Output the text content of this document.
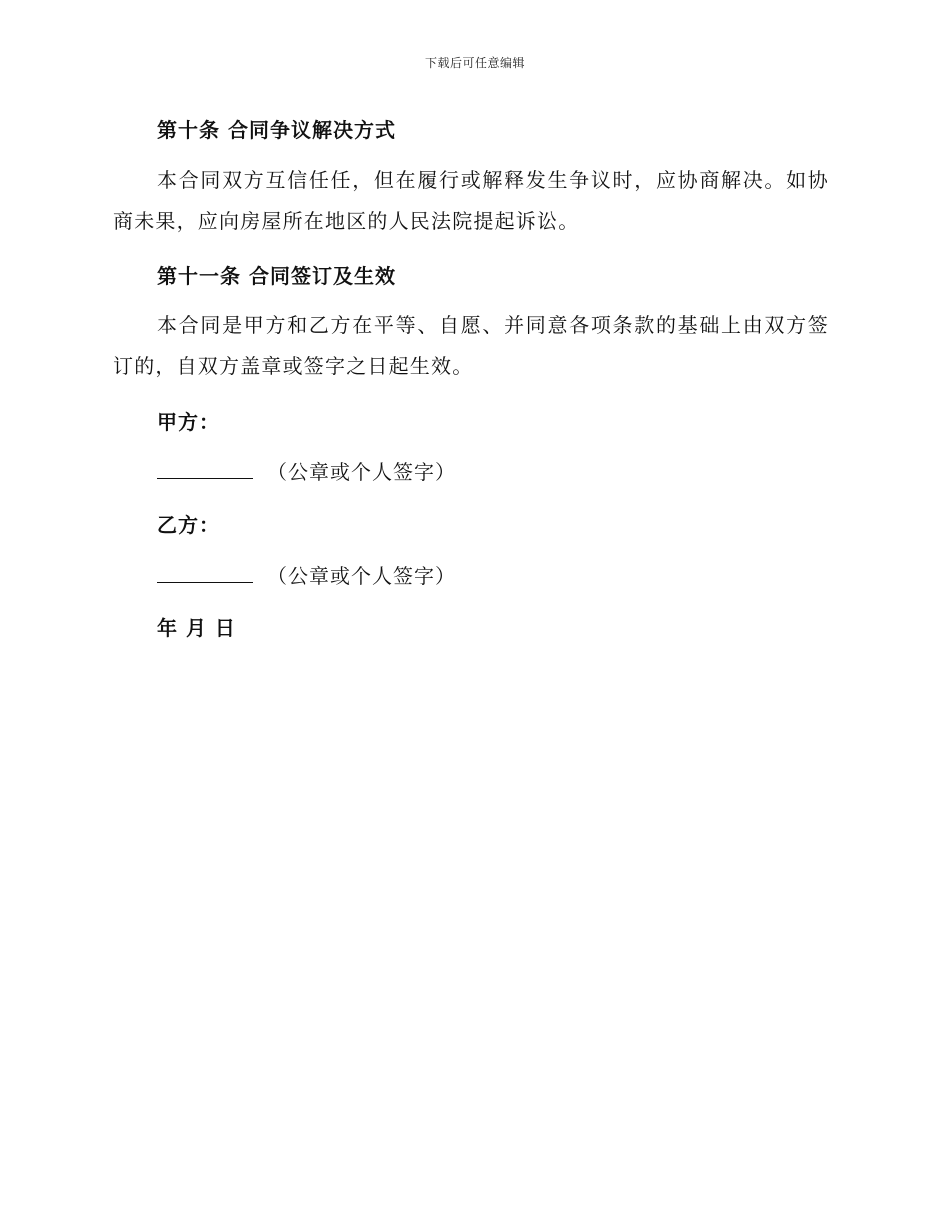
下载后可任意编辑
第十条 合同争议解决方式
本合同双方互信任任，但在履行或解释发生争议时，应协商解决。如协商未果，应向房屋所在地区的人民法院提起诉讼。
第十一条 合同签订及生效
本合同是甲方和乙方在平等、自愿、并同意各项条款的基础上由双方签订的，自双方盖章或签字之日起生效。
甲方：
（公章或个人签字）
乙方：
（公章或个人签字）
年 月 日
